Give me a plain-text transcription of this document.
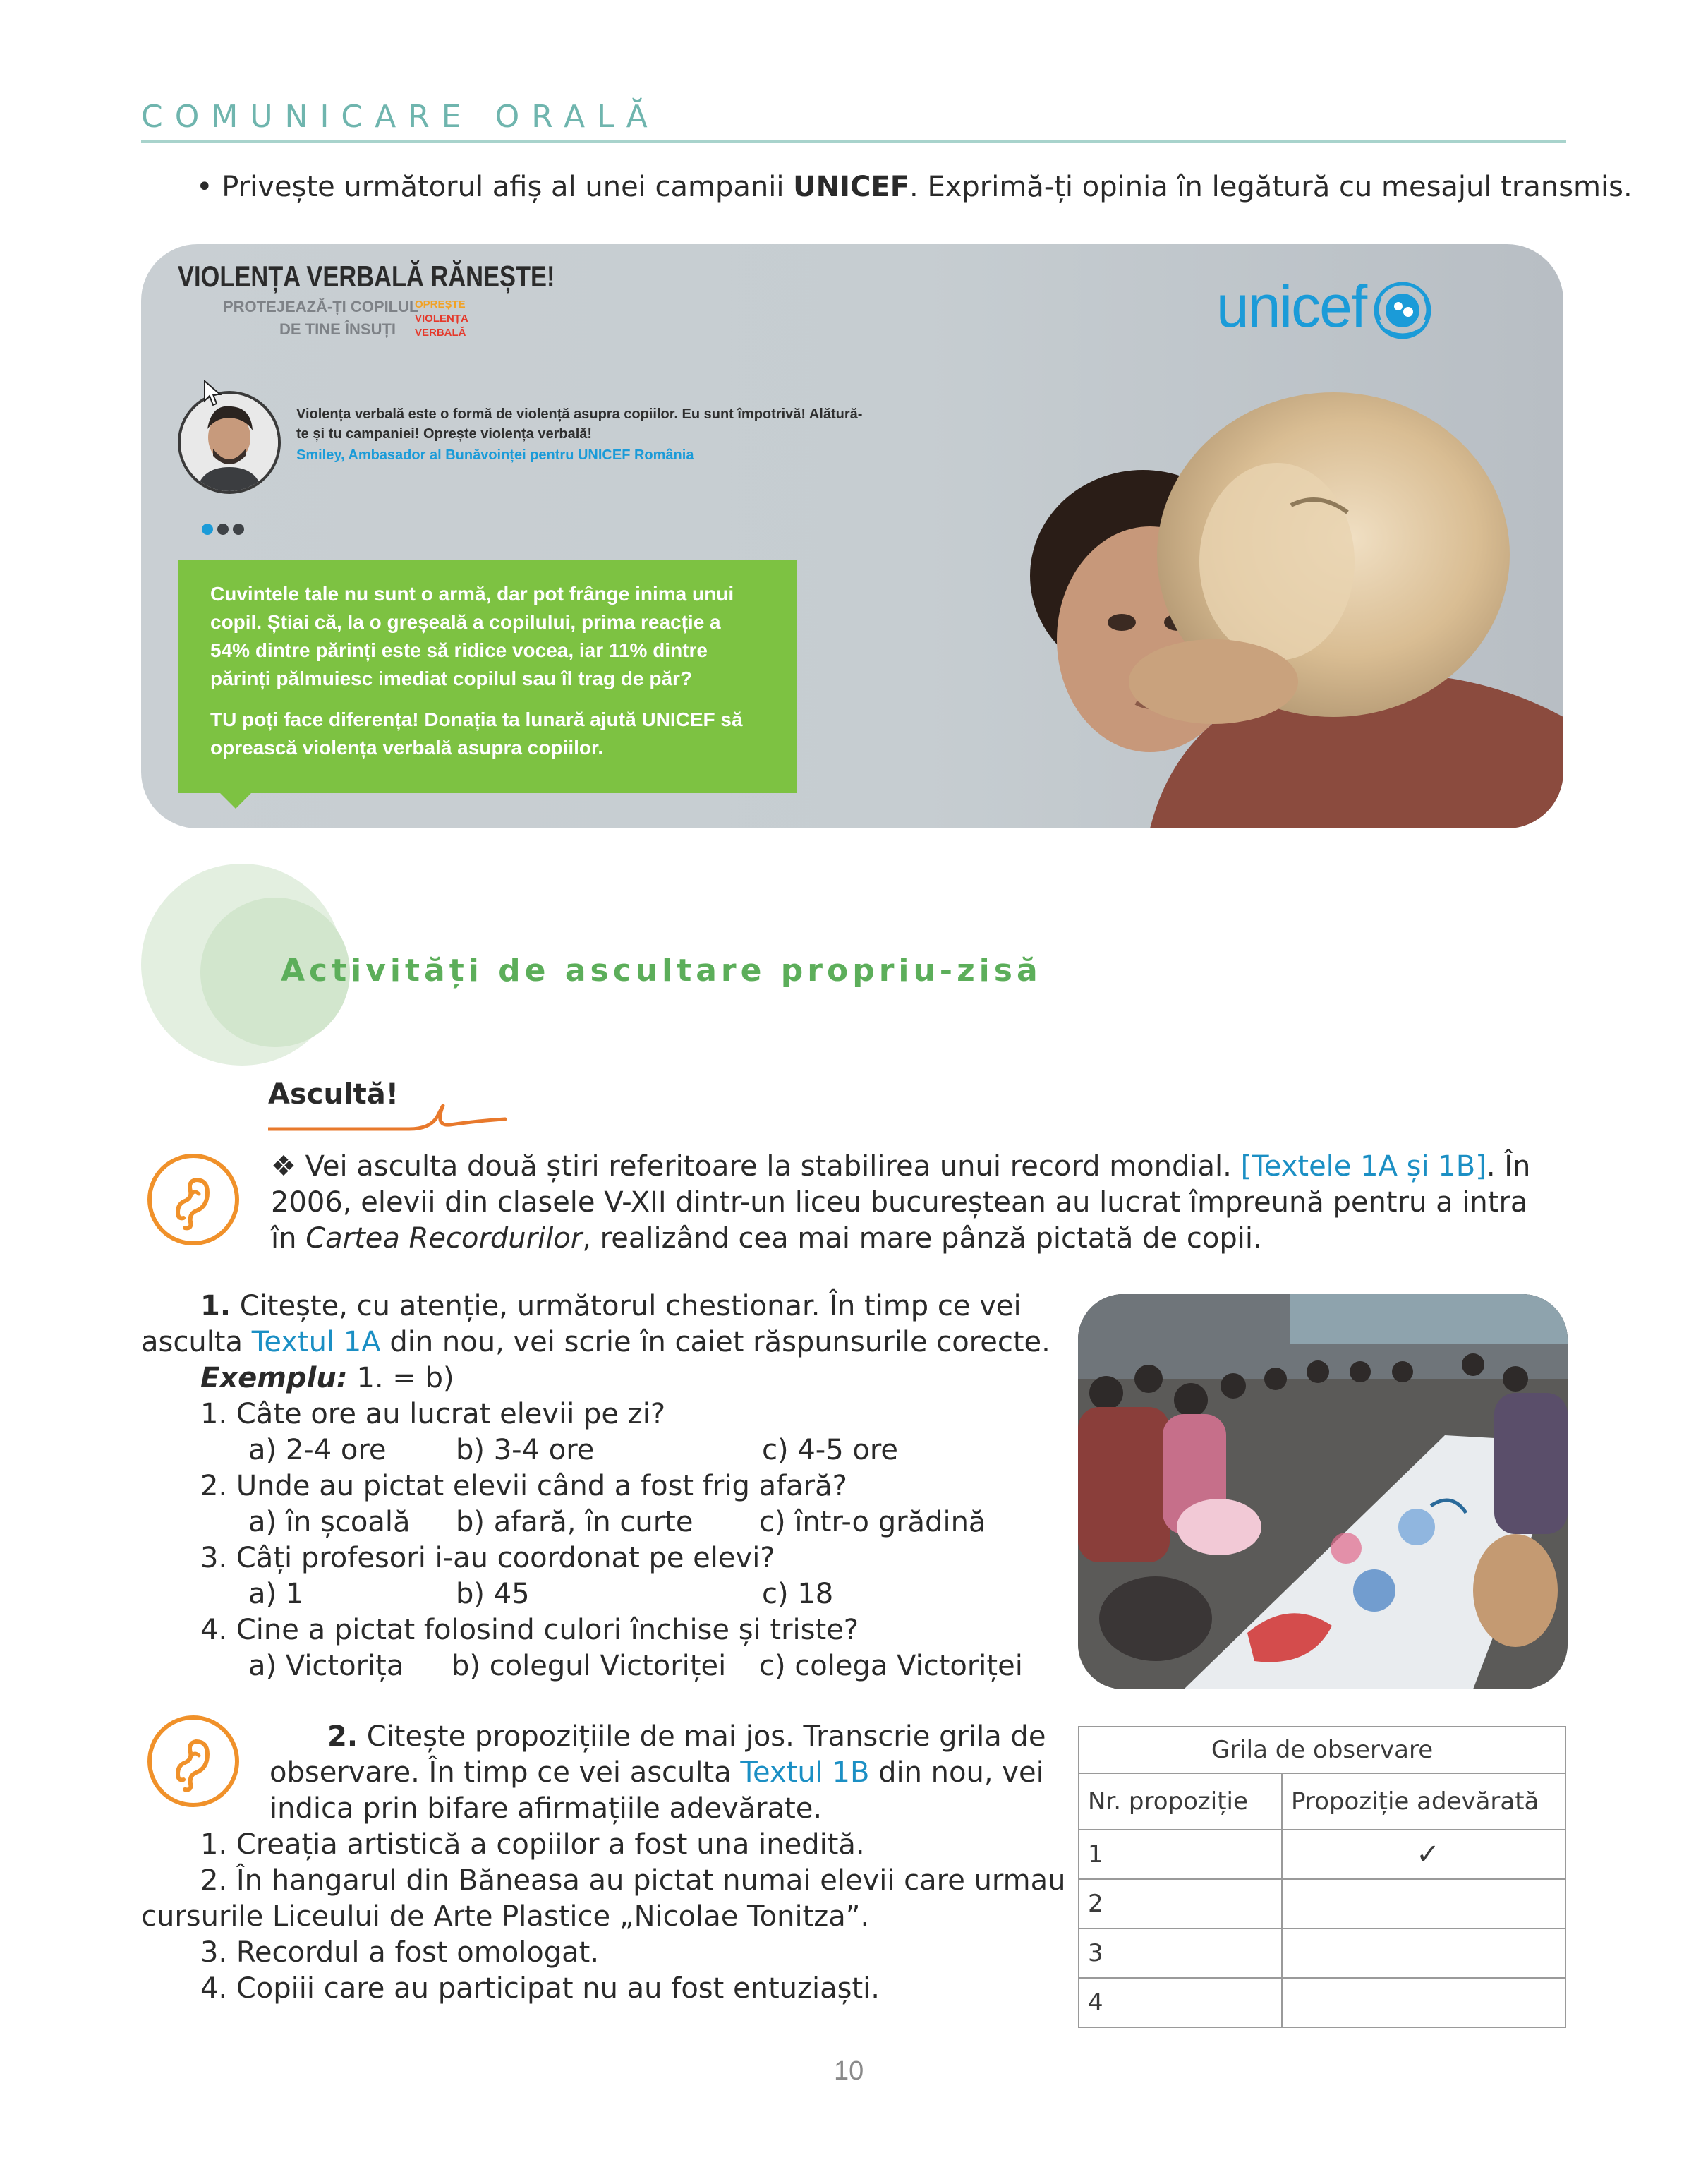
COMUNICARE ORALĂ
• Privește următorul afiș al unei campanii UNICEF. Exprimă-ți opinia în legătură cu mesajul transmis.
VIOLENȚA VERBALĂ RĂNEȘTE!
PROTEJEAZĂ-ȚI COPILUL
DE TINE ÎNSUȚI
OPREȘTE
VIOLENȚA
VERBALĂ	unicef
Violența verbală este o formă de violență asupra copiilor. Eu sunt împotrivă! Alătură-
te și tu campaniei! Oprește violența verbală!
Smiley, Ambasador al Bunăvoinței pentru UNICEF România
Cuvintele tale nu sunt o armă, dar pot frânge inima unui
copil. Știai că, la o greșeală a copilului, prima reacție a
54% dintre părinți este să ridice vocea, iar 11% dintre
părinți pălmuiesc imediat copilul sau îl trag de păr?
TU poți face diferența! Donația ta lunară ajută UNICEF să
oprească violența verbală asupra copiilor.
Activități de ascultare propriu-zisă
Ascultă!
❖ Vei asculta două știri referitoare la stabilirea unui record mondial. [Textele 1A și 1B]. În
2006, elevii din clasele V-XII dintr-un liceu bucureștean au lucrat împreună pentru a intra
în Cartea Recordurilor, realizând cea mai mare pânză pictată de copii.
1. Citește, cu atenție, următorul chestionar. În timp ce vei
asculta Textul 1A din nou, vei scrie în caiet răspunsurile corecte.
Exemplu: 1. = b)
1. Câte ore au lucrat elevii pe zi?
a) 2-4 ore b) 3-4 ore	c) 4-5 ore
2. Unde au pictat elevii când a fost frig afară?
a) în școală b) afară, în curte c) într-o grădină
3. Câți profesori i-au coordonat pe elevi?
a) 1	b) 45	c) 18
4. Cine a pictat folosind culori închise și triste?
a) Victorița b) colegul Victoriței c) colega Victoriței
2. Citește propozițiile de mai jos. Transcrie grila de
observare. În timp ce vei asculta Textul 1B din nou, vei
indica prin bifare afirmațiile adevărate.
1. Creația artistică a copiilor a fost una inedită.
2. În hangarul din Băneasa au pictat numai elevii care urmau
cursurile Liceului de Arte Plastice „Nicolae Tonitza”.
3. Recordul a fost omologat.
4. Copiii care au participat nu au fost entuziaști.
Grila de observare	
Nr. propoziție	Propoziție adevărată
1	✓
2	
3	
4	
10
